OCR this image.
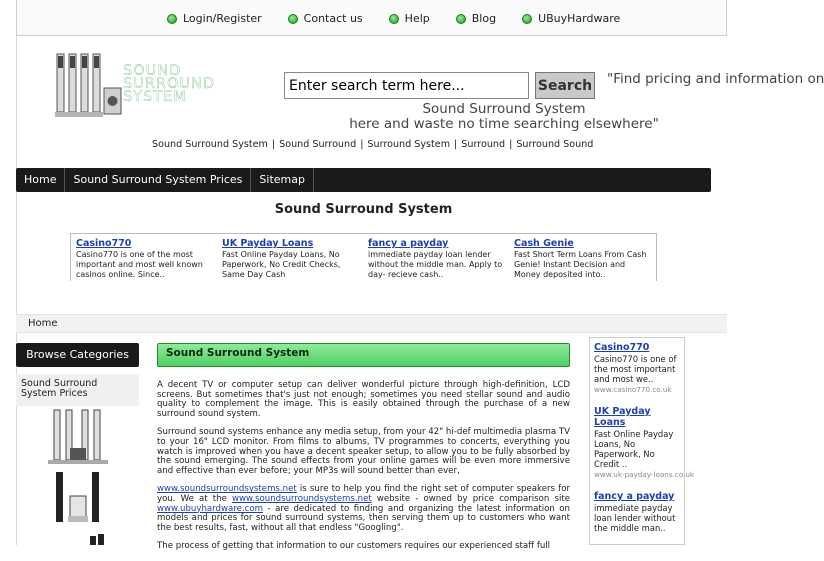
Login/Register	Contact us	Help	Blog	UBuyHardware
SOUND
SURROUND
SYSTEM
Enter search term here...
Search "Find pricing and information on
Sound Surround System
here and waste no time searching elsewhere"
Sound Surround System | Sound Surround | Surround System | Surround | Surround Sound
Home	Sound Surround System Prices	Sitemap
Sound Surround System
Casino770
Casino770 is one of the most important and most well known casinos online. Since..
UK Payday Loans
Fast Online Payday Loans, No Paperwork, No Credit Checks, Same Day Cash
fancy a payday
immediate payday loan lender without the middle man. Apply to day- recieve cash..
Cash Genie
Fast Short Term Loans From Cash Genie! Instant Decision and Money deposited into..
Home
Browse Categories
Sound Surround System Prices
Sound Surround System

A decent TV or computer setup can deliver wonderful picture through high-definition, LCD screens. But sometimes that's just not enough; sometimes you need stellar sound and audio quality to complement the image. This is easily obtained through the purchase of a new surround sound system.

Surround sound systems enhance any media setup, from your 42" hi-def multimedia plasma TV to your 16" LCD monitor. From films to albums, TV programmes to concerts, everything you watch is improved when you have a decent speaker setup, to allow you to be fully absorbed by the sound emerging. The sound effects from your online games will be even more immersive and effective than ever before; your MP3s will sound better than ever,

www.soundsurroundsystems.net is sure to help you find the right set of computer speakers for you. We at the www.soundsurroundsystems.net website - owned by price comparison site www.ubuyhardware.com - are dedicated to finding and organizing the latest information on models and prices for sound surround systems, then serving them up to customers who want the best results, fast, without all that endless "Googling".

The process of getting that information to our customers requires our experienced staff full

Casino770
Casino770 is one of the most important and most we..
www.casino770.co.uk
UK Payday Loans
Fast Online Payday Loans, No Paperwork, No Credit ..
www.uk-payday-loans.co.uk
fancy a payday
immediate payday loan lender without the middle man..
